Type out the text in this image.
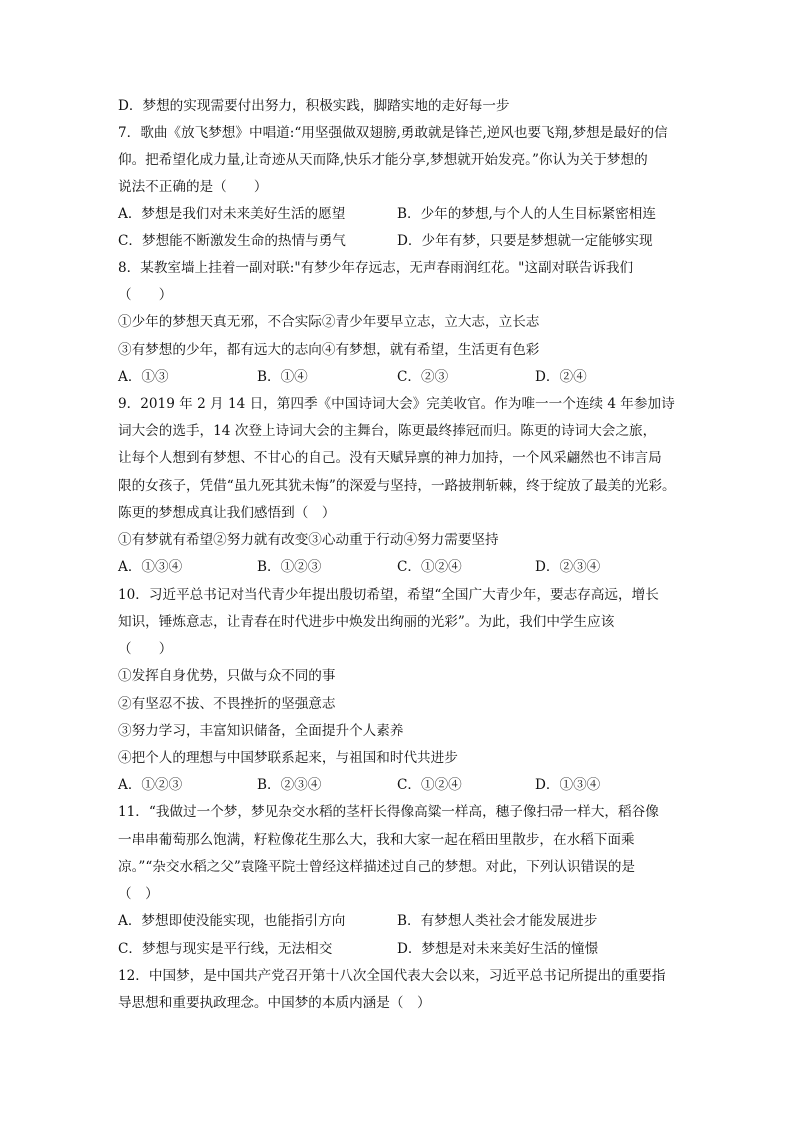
D．梦想的实现需要付出努力，积极实践，脚踏实地的走好每一步
7．歌曲《放飞梦想》中唱道:“用坚强做双翅膀,勇敢就是锋芒,逆风也要飞翔,梦想是最好的信
仰。把希望化成力量,让奇迹从天而降,快乐才能分享,梦想就开始发亮。”你认为关于梦想的
说法不正确的是（　　）
A．梦想是我们对未来美好生活的愿望	B．少年的梦想,与个人的人生目标紧密相连
C．梦想能不断激发生命的热情与勇气	D．少年有梦，只要是梦想就一定能够实现
8．某教室墙上挂着一副对联:"有梦少年存远志，无声春雨润红花。"这副对联告诉我们
（　　）
①少年的梦想天真无邪，不合实际②青少年要早立志，立大志，立长志
③有梦想的少年，都有远大的志向④有梦想，就有希望，生活更有色彩
A．①③	B．①④	C．②③	D．②④
9．2019 年 2 月 14 日，第四季《中国诗词大会》完美收官。作为唯一一个连续 4 年参加诗
词大会的选手，14 次登上诗词大会的主舞台，陈更最终捧冠而归。陈更的诗词大会之旅，
让每个人想到有梦想、不甘心的自己。没有天赋异禀的神力加持，一个风采翩然也不讳言局
限的女孩子，凭借“虽九死其犹未悔”的深爱与坚持，一路披荆斩棘，终于绽放了最美的光彩。
陈更的梦想成真让我们感悟到（　）
①有梦就有希望②努力就有改变③心动重于行动④努力需要坚持
A．①③④	B．①②③	C．①②④	D．②③④
10．习近平总书记对当代青少年提出殷切希望，希望“全国广大青少年，要志存高远，增长
知识，锤炼意志，让青春在时代进步中焕发出绚丽的光彩”。为此，我们中学生应该
（　　）
①发挥自身优势，只做与众不同的事
②有坚忍不拔、不畏挫折的坚强意志
③努力学习，丰富知识储备，全面提升个人素养
④把个人的理想与中国梦联系起来，与祖国和时代共进步
A．①②③	B．②③④	C．①②④	D．①③④
11．“我做过一个梦，梦见杂交水稻的茎杆长得像高粱一样高，穗子像扫帚一样大，稻谷像
一串串葡萄那么饱满，籽粒像花生那么大，我和大家一起在稻田里散步，在水稻下面乘
凉。”“杂交水稻之父”袁隆平院士曾经这样描述过自己的梦想。对此，下列认识错误的是
（　）
A．梦想即使没能实现，也能指引方向	B．有梦想人类社会才能发展进步
C．梦想与现实是平行线，无法相交	D．梦想是对未来美好生活的憧憬
12．中国梦，是中国共产党召开第十八次全国代表大会以来，习近平总书记所提出的重要指
导思想和重要执政理念。中国梦的本质内涵是（　）
